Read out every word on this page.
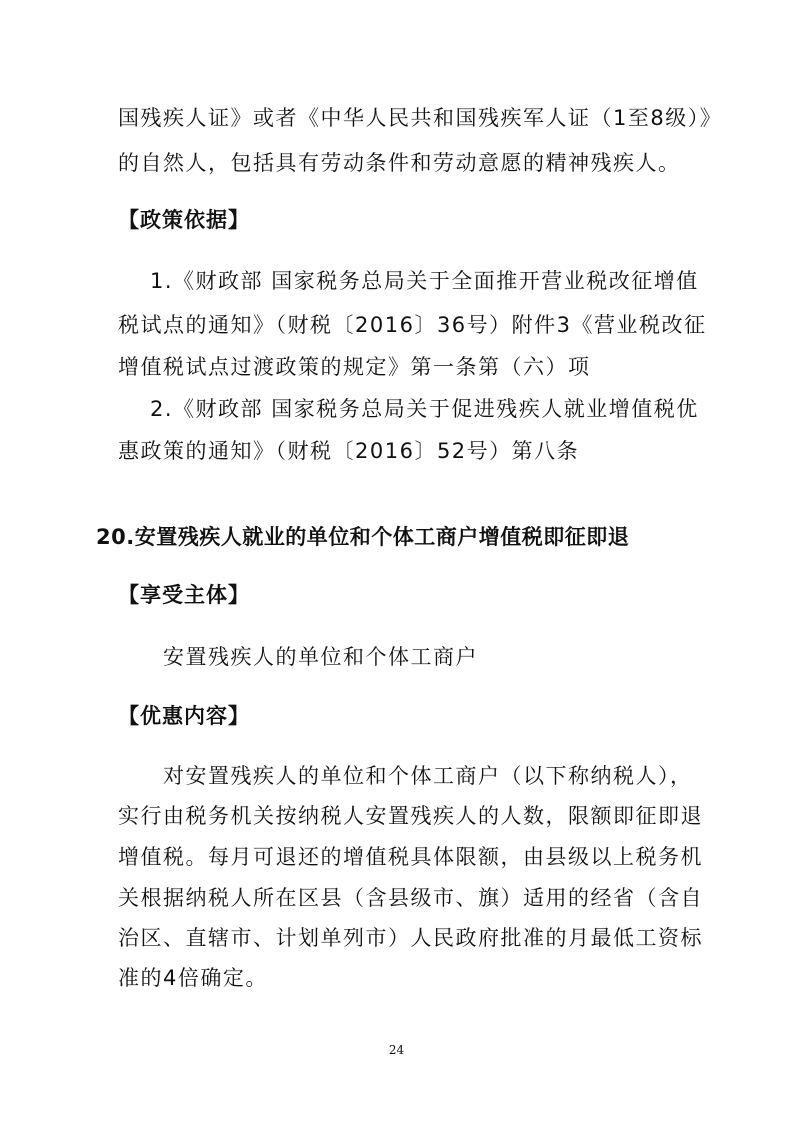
国残疾人证》或者《中华人民共和国残疾军人证（1至8级）》
的自然人，包括具有劳动条件和劳动意愿的精神残疾人。
【政策依据】
1.《财政部 国家税务总局关于全面推开营业税改征增值
税试点的通知》（财税〔2016〕36号）附件3《营业税改征
增值税试点过渡政策的规定》第一条第（六）项
2.《财政部 国家税务总局关于促进残疾人就业增值税优
惠政策的通知》（财税〔2016〕52号）第八条
20.安置残疾人就业的单位和个体工商户增值税即征即退
【享受主体】
安置残疾人的单位和个体工商户
【优惠内容】
对安置残疾人的单位和个体工商户（以下称纳税人），
实行由税务机关按纳税人安置残疾人的人数，限额即征即退
增值税。每月可退还的增值税具体限额，由县级以上税务机
关根据纳税人所在区县（含县级市、旗）适用的经省（含自
治区、直辖市、计划单列市）人民政府批准的月最低工资标
准的4倍确定。
24
